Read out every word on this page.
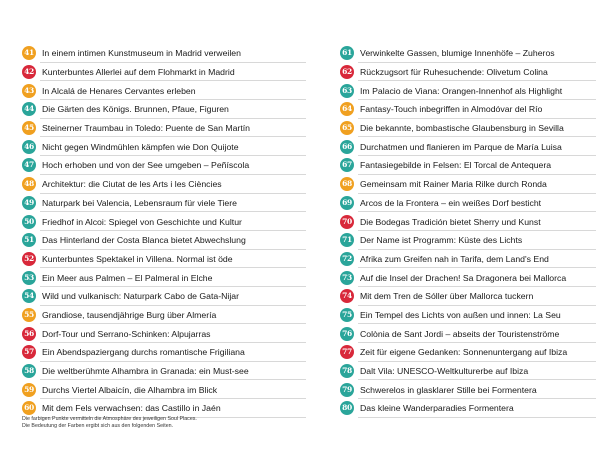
41 In einem intimen Kunstmuseum in Madrid verweilen
42 Kunterbuntes Allerlei auf dem Flohmarkt in Madrid
43 In Alcalá de Henares Cervantes erleben
44 Die Gärten des Königs. Brunnen, Pfaue, Figuren
45 Steinerner Traumbau in Toledo: Puente de San Martín
46 Nicht gegen Windmühlen kämpfen wie Don Quijote
47 Hoch erhoben und von der See umgeben – Peñíscola
48 Architektur: die Ciutat de les Arts i les Ciències
49 Naturpark bei Valencia, Lebensraum für viele Tiere
50 Friedhof in Alcoi: Spiegel von Geschichte und Kultur
51 Das Hinterland der Costa Blanca bietet Abwechslung
52 Kunterbuntes Spektakel in Villena. Normal ist öde
53 Ein Meer aus Palmen – El Palmeral in Elche
54 Wild und vulkanisch: Naturpark Cabo de Gata-Nijar
55 Grandiose, tausendjährige Burg über Almería
56 Dorf-Tour und Serrano-Schinken: Alpujarras
57 Ein Abendspaziergang durchs romantische Frigiliana
58 Die weltberühmte Alhambra in Granada: ein Must-see
59 Durchs Viertel Albaicín, die Alhambra im Blick
60 Mit dem Fels verwachsen: das Castillo in Jaén
61 Verwinkelte Gassen, blumige Innenhöfe – Zuheros
62 Rückzugsort für Ruhesuchende: Olivetum Colina
63 Im Palacio de Viana: Orangen-Innenhof als Highlight
64 Fantasy-Touch inbegriffen in Almodóvar del Río
65 Die bekannte, bombastische Glaubensburg in Sevilla
66 Durchatmen und flanieren im Parque de María Luisa
67 Fantasiegebilde in Felsen: El Torcal de Antequera
68 Gemeinsam mit Rainer Maria Rilke durch Ronda
69 Arcos de la Frontera – ein weißes Dorf besticht
70 Die Bodegas Tradición bietet Sherry und Kunst
71 Der Name ist Programm: Küste des Lichts
72 Afrika zum Greifen nah in Tarifa, dem Land's End
73 Auf die Insel der Drachen! Sa Dragonera bei Mallorca
74 Mit dem Tren de Sóller über Mallorca tuckern
75 Ein Tempel des Lichts von außen und innen: La Seu
76 Colònia de Sant Jordi – abseits der Touristenströme
77 Zeit für eigene Gedanken: Sonnenuntergang auf Ibiza
78 Dalt Vila: UNESCO-Weltkulturerbe auf Ibiza
79 Schwerelos in glasklarer Stille bei Formentera
80 Das kleine Wanderparadies Formentera
Die farbigen Punkte vermitteln die Atmosphäre des jeweiligen Soul Places.
Die Bedeutung der Farben ergibt sich aus den folgenden Seiten.
